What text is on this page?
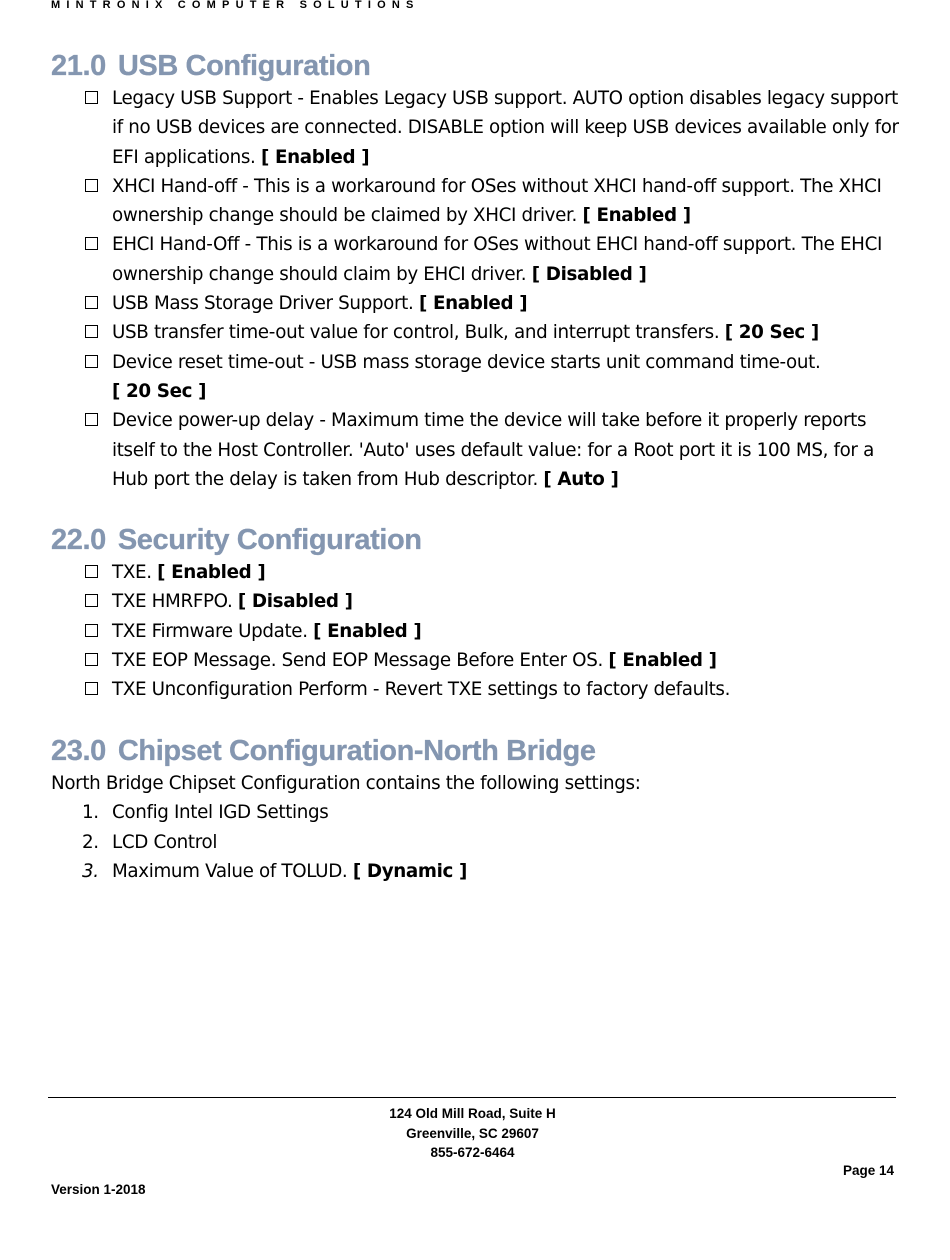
MINTRONIX COMPUTER SOLUTIONS
21.0 USB Configuration
Legacy USB Support - Enables Legacy USB support. AUTO option disables legacy support if no USB devices are connected. DISABLE option will keep USB devices available only for EFI applications. [ Enabled ]
XHCI Hand-off - This is a workaround for OSes without XHCI hand-off support. The XHCI ownership change should be claimed by XHCI driver. [ Enabled ]
EHCI Hand-Off - This is a workaround for OSes without EHCI hand-off support. The EHCI ownership change should claim by EHCI driver. [ Disabled ]
USB Mass Storage Driver Support. [ Enabled ]
USB transfer time-out value for control, Bulk, and interrupt transfers. [ 20 Sec ]
Device reset time-out - USB mass storage device starts unit command time-out.
[ 20 Sec ]
Device power-up delay - Maximum time the device will take before it properly reports itself to the Host Controller. 'Auto' uses default value: for a Root port it is 100 MS, for a Hub port the delay is taken from Hub descriptor. [ Auto ]
22.0 Security Configuration
TXE. [ Enabled ]
TXE HMRFPO. [ Disabled ]
TXE Firmware Update. [ Enabled ]
TXE EOP Message. Send EOP Message Before Enter OS. [ Enabled ]
TXE Unconfiguration Perform - Revert TXE settings to factory defaults.
23.0 Chipset Configuration-North Bridge

North Bridge Chipset Configuration contains the following settings:

1. Config Intel IGD Settings
2. LCD Control
3. Maximum Value of TOLUD. [ Dynamic ]
124 Old Mill Road, Suite H
Greenville, SC 29607
855-672-6464
Page 14
Version 1-2018
